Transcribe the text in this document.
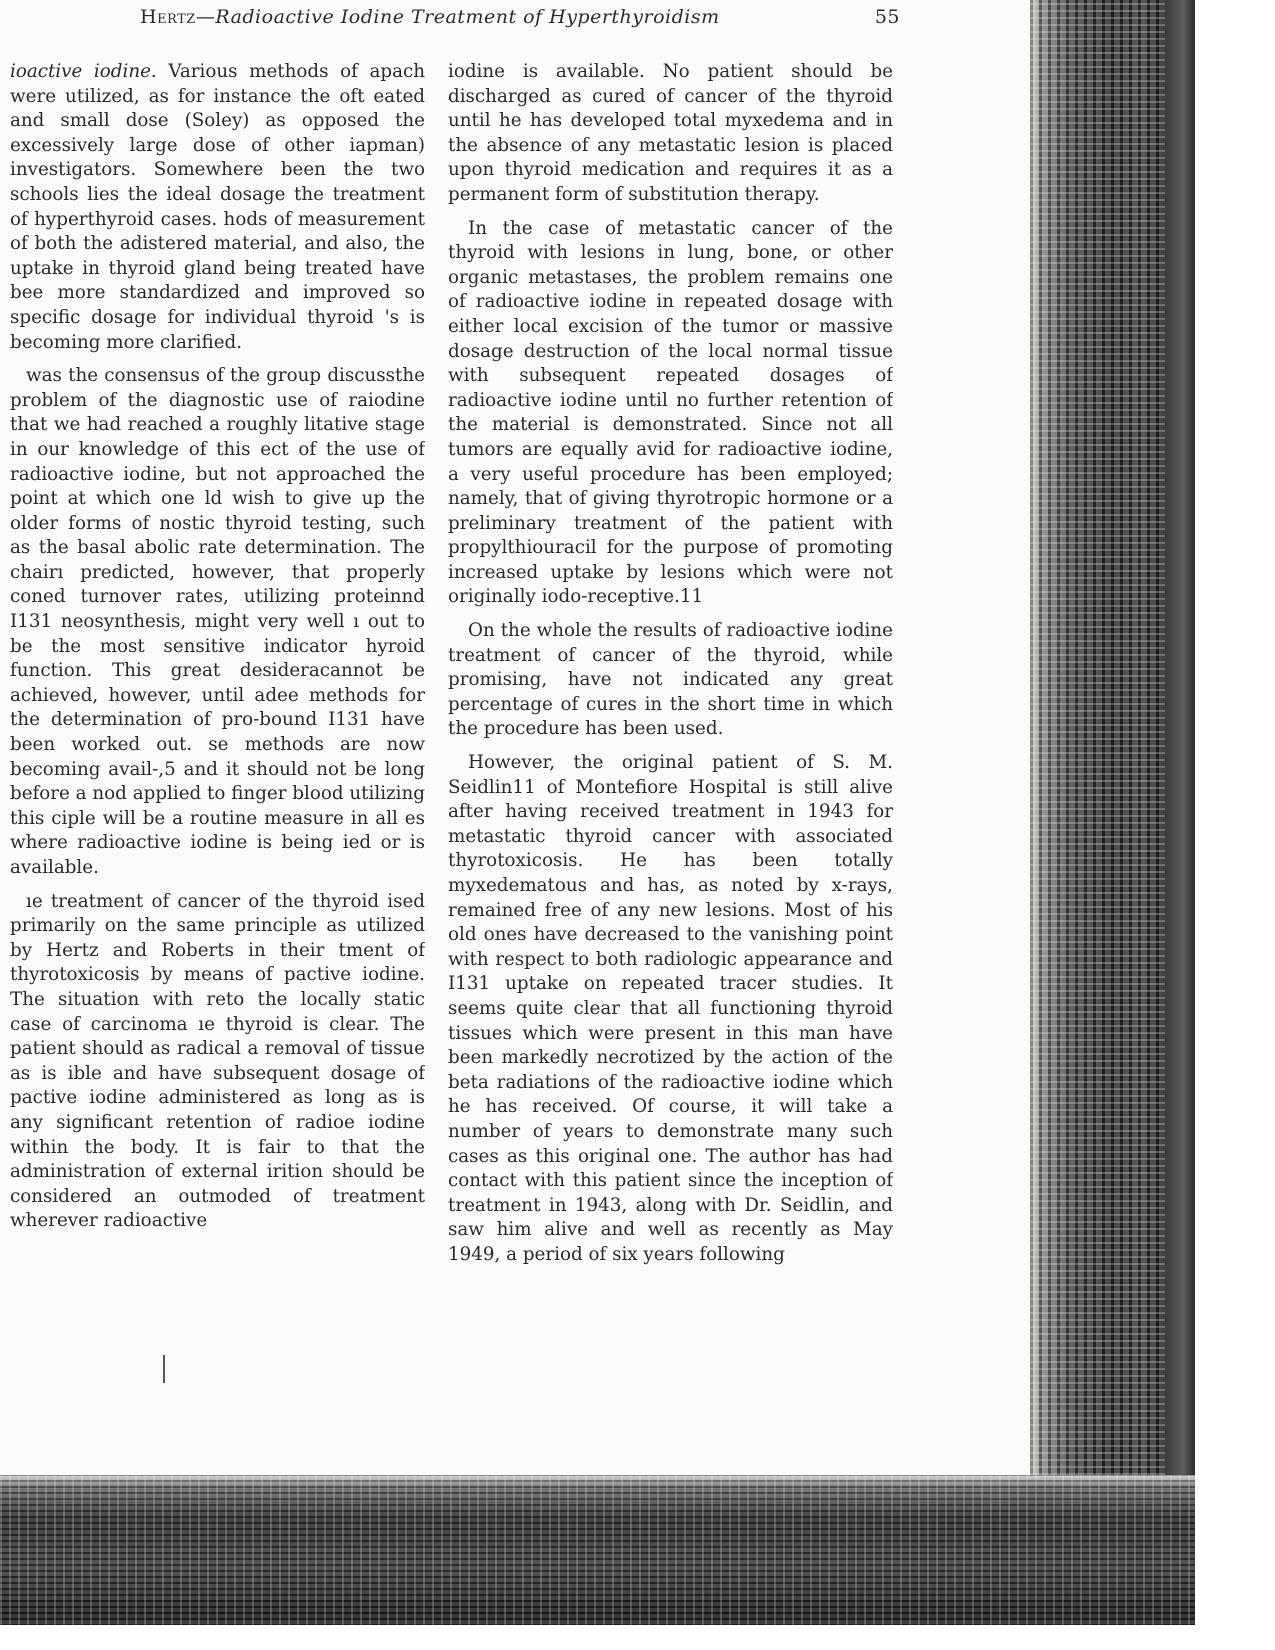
Hertz—Radioactive Iodine Treatment of Hyperthyroidism	55

ioactive iodine. Various methods of apach were utilized, as for instance the oft eated and small dose (Soley) as opposed the excessively large dose of other iapman) investigators. Somewhere been the two schools lies the ideal dosage the treatment of hyperthyroid cases. hods of measurement of both the adistered material, and also, the uptake in thyroid gland being treated have bee more standardized and improved so specific dosage for individual thyroid 's is becoming more clarified.

was the consensus of the group discussthe problem of the diagnostic use of raiodine that we had reached a roughly litative stage in our knowledge of this ect of the use of radioactive iodine, but not approached the point at which one ld wish to give up the older forms of nostic thyroid testing, such as the basal abolic rate determination. The chairı predicted, however, that properly coned turnover rates, utilizing proteinnd I131 neosynthesis, might very well ı out to be the most sensitive indicator hyroid function. This great desideracannot be achieved, however, until adee methods for the determination of pro-bound I131 have been worked out. se methods are now becoming avail-,5 and it should not be long before a nod applied to finger blood utilizing this ciple will be a routine measure in all es where radioactive iodine is being ied or is available.

ıe treatment of cancer of the thyroid ised primarily on the same principle as utilized by Hertz and Roberts in their tment of thyrotoxicosis by means of pactive iodine. The situation with reto the locally static case of carcinoma ıe thyroid is clear. The patient should as radical a removal of tissue as is ible and have subsequent dosage of pactive iodine administered as long as is any significant retention of radioe iodine within the body. It is fair to that the administration of external irition should be considered an outmoded of treatment wherever radioactive

iodine is available. No patient should be discharged as cured of cancer of the thyroid until he has developed total myxedema and in the absence of any metastatic lesion is placed upon thyroid medication and requires it as a permanent form of substitution therapy.

In the case of metastatic cancer of the thyroid with lesions in lung, bone, or other organic metastases, the problem remains one of radioactive iodine in repeated dosage with either local excision of the tumor or massive dosage destruction of the local normal tissue with subsequent repeated dosages of radioactive iodine until no further retention of the material is demonstrated. Since not all tumors are equally avid for radioactive iodine, a very useful procedure has been employed; namely, that of giving thyrotropic hormone or a preliminary treatment of the patient with propylthiouracil for the purpose of promoting increased uptake by lesions which were not originally iodo-receptive.11

On the whole the results of radioactive iodine treatment of cancer of the thyroid, while promising, have not indicated any great percentage of cures in the short time in which the procedure has been used.

However, the original patient of S. M. Seidlin11 of Montefiore Hospital is still alive after having received treatment in 1943 for metastatic thyroid cancer with associated thyrotoxicosis. He has been totally myxedematous and has, as noted by x-rays, remained free of any new lesions. Most of his old ones have decreased to the vanishing point with respect to both radiologic appearance and I131 uptake on repeated tracer studies. It seems quite clear that all functioning thyroid tissues which were present in this man have been markedly necrotized by the action of the beta radiations of the radioactive iodine which he has received. Of course, it will take a number of years to demonstrate many such cases as this original one. The author has had contact with this patient since the inception of treatment in 1943, along with Dr. Seidlin, and saw him alive and well as recently as May 1949, a period of six years following
